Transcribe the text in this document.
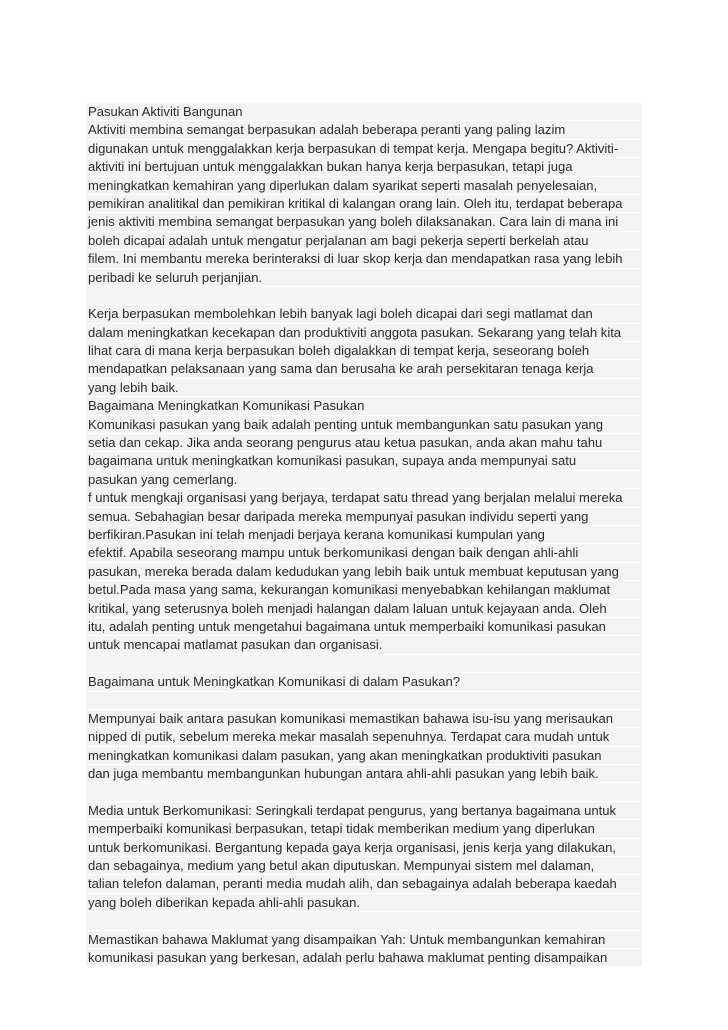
Pasukan Aktiviti Bangunan
Aktiviti membina semangat berpasukan adalah beberapa peranti yang paling lazim
digunakan untuk menggalakkan kerja berpasukan di tempat kerja. Mengapa begitu? Aktiviti-
aktiviti ini bertujuan untuk menggalakkan bukan hanya kerja berpasukan, tetapi juga
meningkatkan kemahiran yang diperlukan dalam syarikat seperti masalah penyelesaian,
pemikiran analitikal dan pemikiran kritikal di kalangan orang lain. Oleh itu, terdapat beberapa
jenis aktiviti membina semangat berpasukan yang boleh dilaksanakan. Cara lain di mana ini
boleh dicapai adalah untuk mengatur perjalanan am bagi pekerja seperti berkelah atau
filem. Ini membantu mereka berinteraksi di luar skop kerja dan mendapatkan rasa yang lebih
peribadi ke seluruh perjanjian.
Kerja berpasukan membolehkan lebih banyak lagi boleh dicapai dari segi matlamat dan
dalam meningkatkan kecekapan dan produktiviti anggota pasukan. Sekarang yang telah kita
lihat cara di mana kerja berpasukan boleh digalakkan di tempat kerja, seseorang boleh
mendapatkan pelaksanaan yang sama dan berusaha ke arah persekitaran tenaga kerja
yang lebih baik.
Bagaimana Meningkatkan Komunikasi Pasukan
Komunikasi pasukan yang baik adalah penting untuk membangunkan satu pasukan yang
setia dan cekap. Jika anda seorang pengurus atau ketua pasukan, anda akan mahu tahu
bagaimana untuk meningkatkan komunikasi pasukan, supaya anda mempunyai satu
pasukan yang cemerlang.
f untuk mengkaji organisasi yang berjaya, terdapat satu thread yang berjalan melalui mereka
semua. Sebahagian besar daripada mereka mempunyai pasukan individu seperti yang
berfikiran.Pasukan ini telah menjadi berjaya kerana komunikasi kumpulan yang
efektif. Apabila seseorang mampu untuk berkomunikasi dengan baik dengan ahli-ahli
pasukan, mereka berada dalam kedudukan yang lebih baik untuk membuat keputusan yang
betul.Pada masa yang sama, kekurangan komunikasi menyebabkan kehilangan maklumat
kritikal, yang seterusnya boleh menjadi halangan dalam laluan untuk kejayaan anda. Oleh
itu, adalah penting untuk mengetahui bagaimana untuk memperbaiki komunikasi pasukan
untuk mencapai matlamat pasukan dan organisasi.
Bagaimana untuk Meningkatkan Komunikasi di dalam Pasukan?
Mempunyai baik antara pasukan komunikasi memastikan bahawa isu-isu yang merisaukan
nipped di putik, sebelum mereka mekar masalah sepenuhnya. Terdapat cara mudah untuk
meningkatkan komunikasi dalam pasukan, yang akan meningkatkan produktiviti pasukan
dan juga membantu membangunkan hubungan antara ahli-ahli pasukan yang lebih baik.
Media untuk Berkomunikasi: Seringkali terdapat pengurus, yang bertanya bagaimana untuk
memperbaiki komunikasi berpasukan, tetapi tidak memberikan medium yang diperlukan
untuk berkomunikasi. Bergantung kepada gaya kerja organisasi, jenis kerja yang dilakukan,
dan sebagainya, medium yang betul akan diputuskan. Mempunyai sistem mel dalaman,
talian telefon dalaman, peranti media mudah alih, dan sebagainya adalah beberapa kaedah
yang boleh diberikan kepada ahli-ahli pasukan.
Memastikan bahawa Maklumat yang disampaikan Yah: Untuk membangunkan kemahiran
komunikasi pasukan yang berkesan, adalah perlu bahawa maklumat penting disampaikan
